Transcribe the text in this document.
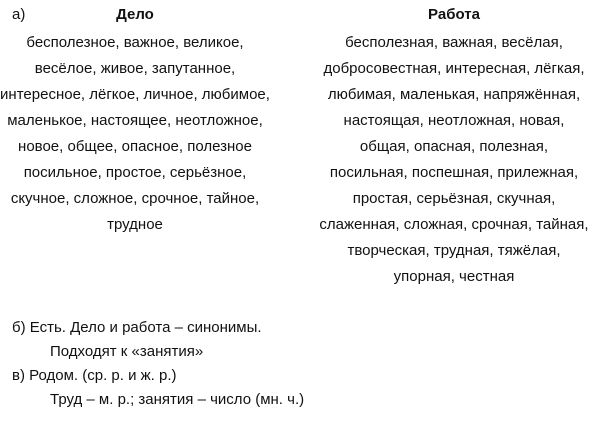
а)	Дело
бесполезное, важное, великое,
весёлое, живое, запутанное,
интересное, лёгкое, личное, любимое,
маленькое, настоящее, неотложное,
новое, общее, опасное, полезное
посильное, простое, серьёзное,
скучное, сложное, срочное, тайное,
трудное
Работа
бесполезная, важная, весёлая,
добросовестная, интересная, лёгкая,
любимая, маленькая, напряжённая,
настоящая, неотложная, новая,
общая, опасная, полезная,
посильная, поспешная, прилежная,
простая, серьёзная, скучная,
слаженная, сложная, срочная, тайная,
творческая, трудная, тяжёлая,
упорная, честная
б) Есть. Дело и работа – синонимы.
Подходят к «занятия»
в) Родом. (ср. р. и ж. р.)
Труд – м. р.; занятия – число (мн. ч.)
